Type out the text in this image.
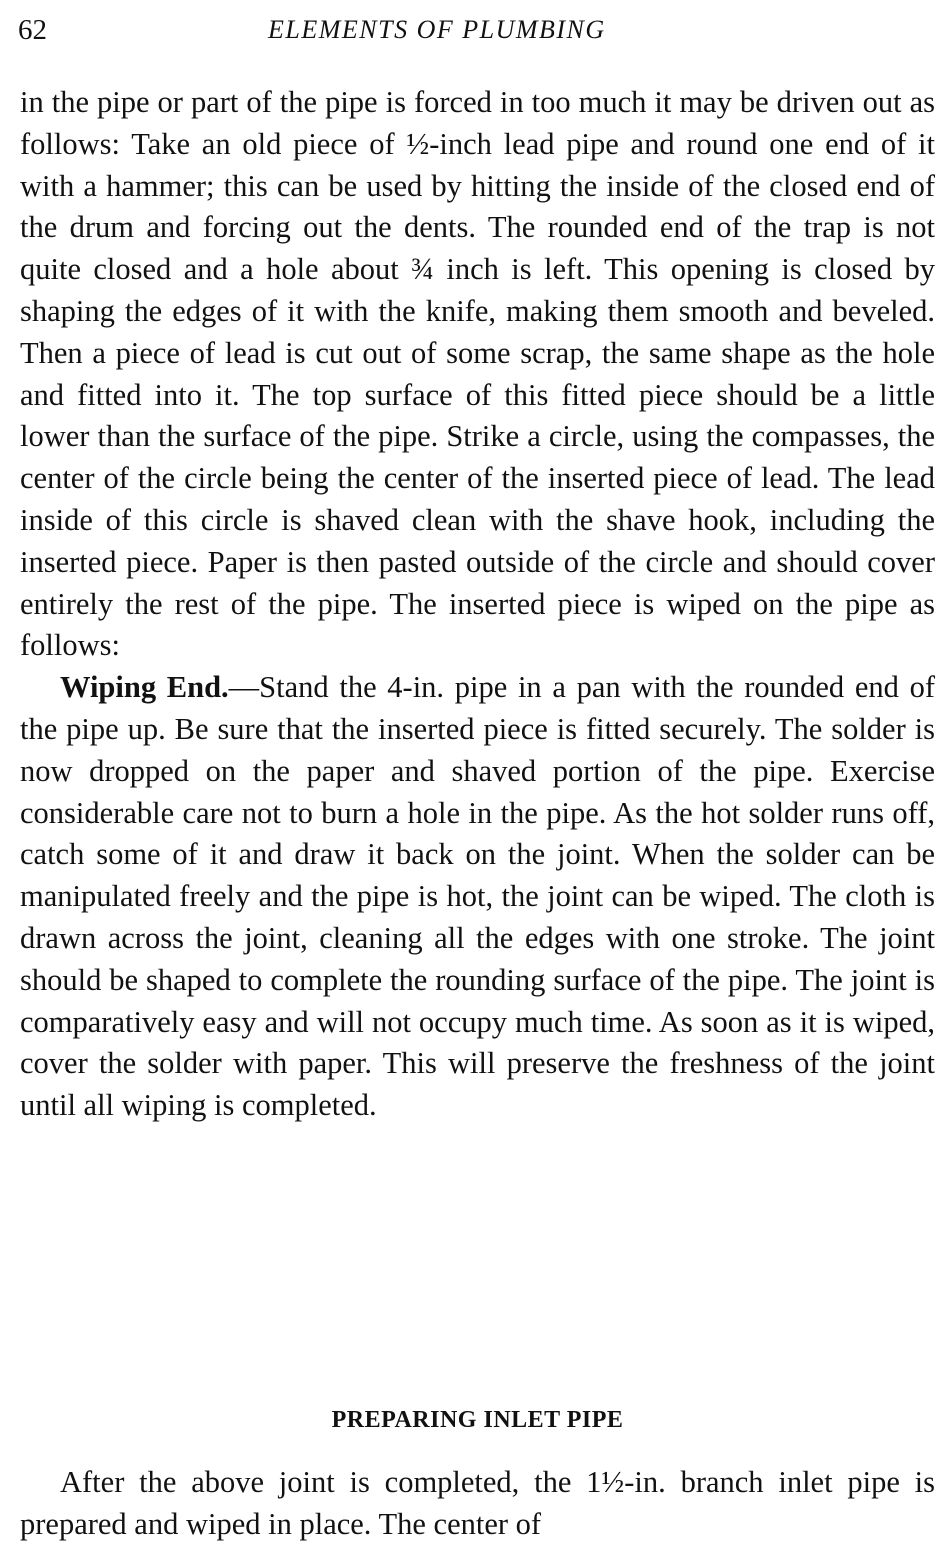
62	ELEMENTS OF PLUMBING

in the pipe or part of the pipe is forced in too much it may be driven out as follows: Take an old piece of ½-inch lead pipe and round one end of it with a hammer; this can be used by hitting the inside of the closed end of the drum and forcing out the dents. The rounded end of the trap is not quite closed and a hole about ¾ inch is left. This opening is closed by shaping the edges of it with the knife, making them smooth and beveled. Then a piece of lead is cut out of some scrap, the same shape as the hole and fitted into it. The top surface of this fitted piece should be a little lower than the surface of the pipe. Strike a circle, using the compasses, the center of the circle being the center of the inserted piece of lead. The lead inside of this circle is shaved clean with the shave hook, including the inserted piece. Paper is then pasted outside of the circle and should cover entirely the rest of the pipe. The inserted piece is wiped on the pipe as follows:

Wiping End.—Stand the 4-in. pipe in a pan with the rounded end of the pipe up. Be sure that the inserted piece is fitted securely. The solder is now dropped on the paper and shaved portion of the pipe. Exercise considerable care not to burn a hole in the pipe. As the hot solder runs off, catch some of it and draw it back on the joint. When the solder can be manipulated freely and the pipe is hot, the joint can be wiped. The cloth is drawn across the joint, cleaning all the edges with one stroke. The joint should be shaped to complete the rounding surface of the pipe. The joint is comparatively easy and will not occupy much time. As soon as it is wiped, cover the solder with paper. This will preserve the freshness of the joint until all wiping is completed.

PREPARING INLET PIPE

After the above joint is completed, the 1½-in. branch inlet pipe is prepared and wiped in place. The center of
